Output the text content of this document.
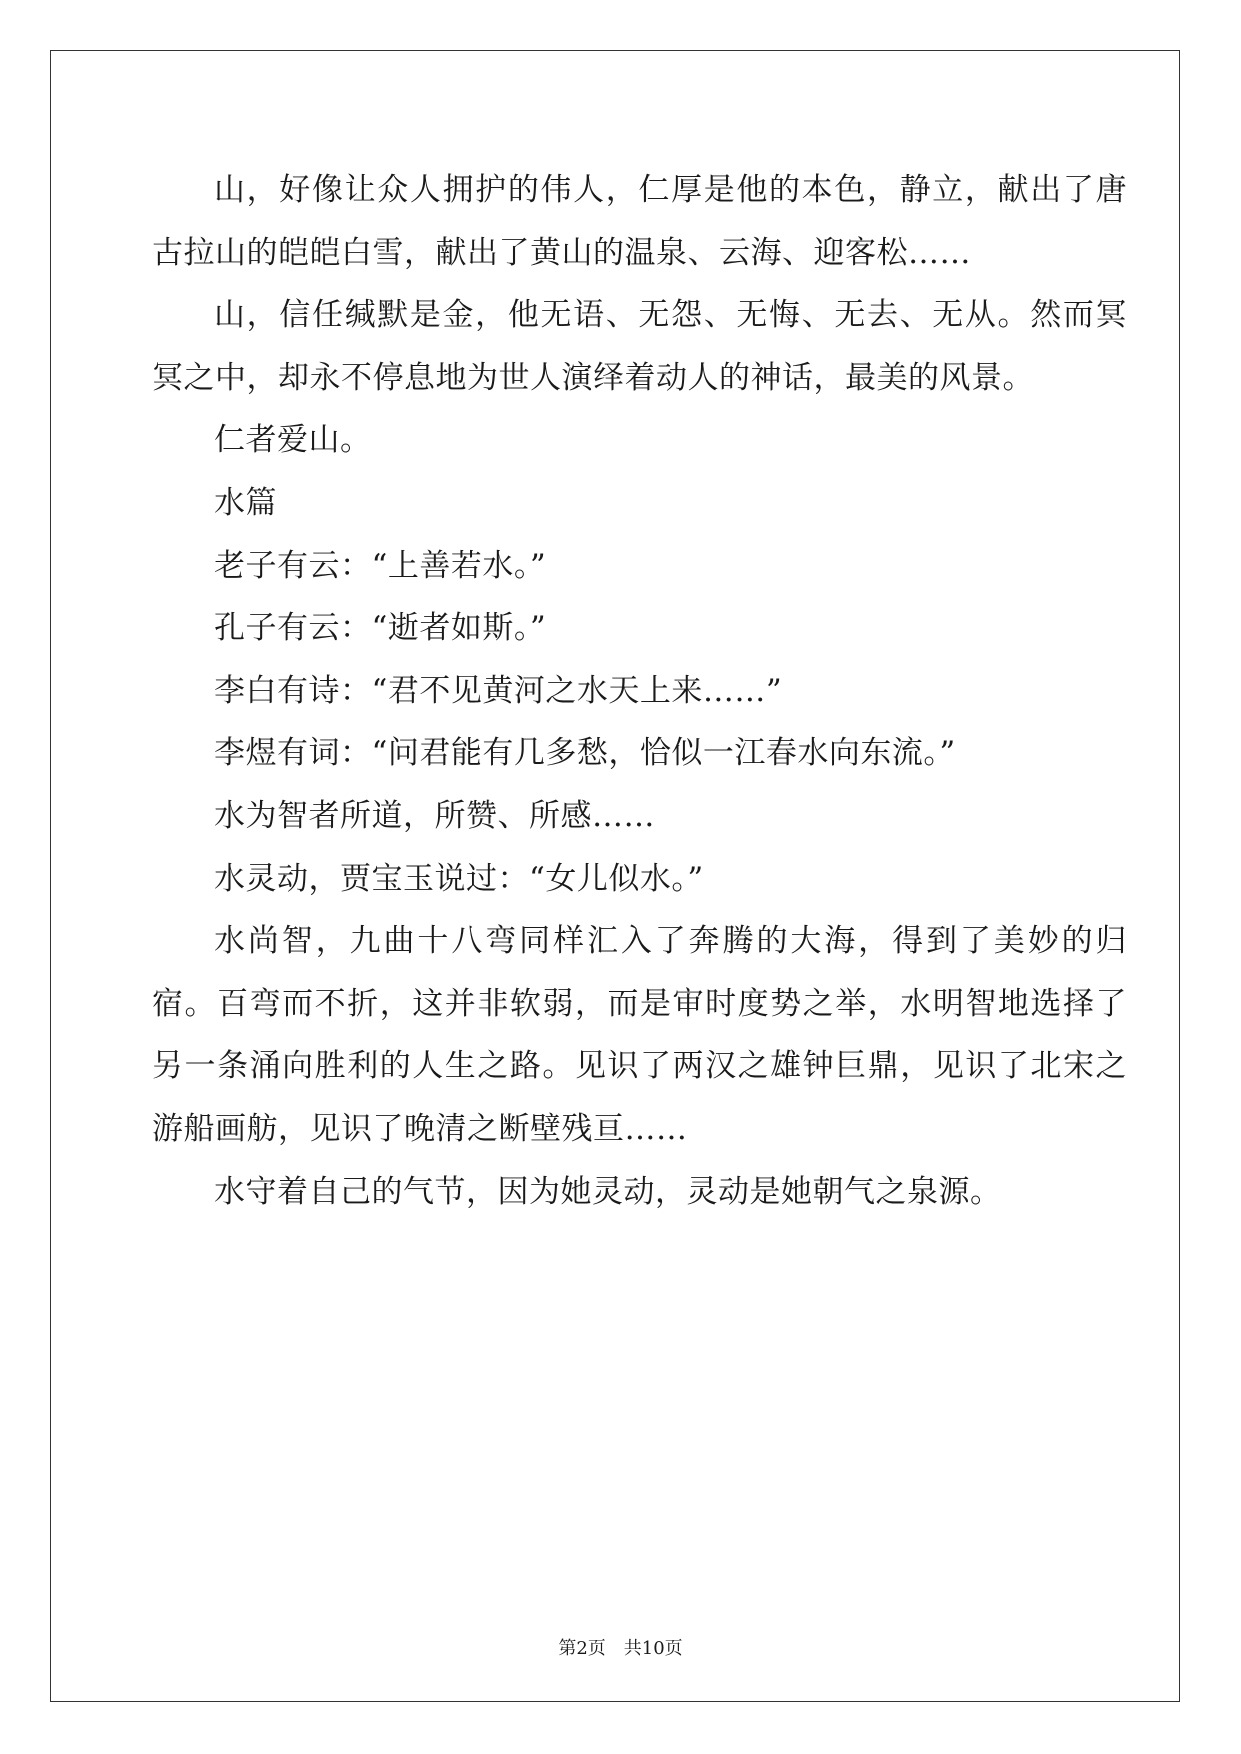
山，好像让众人拥护的伟人，仁厚是他的本色，静立，献出了唐古拉山的皑皑白雪，献出了黄山的温泉、云海、迎客松……

山，信任缄默是金，他无语、无怨、无悔、无去、无从。然而冥冥之中，却永不停息地为世人演绎着动人的神话，最美的风景。

仁者爱山。

水篇

老子有云：“上善若水。”

孔子有云：“逝者如斯。”

李白有诗：“君不见黄河之水天上来……”

李煜有词：“问君能有几多愁，恰似一江春水向东流。”

水为智者所道，所赞、所感……

水灵动，贾宝玉说过：“女儿似水。”

水尚智，九曲十八弯同样汇入了奔腾的大海，得到了美妙的归宿。百弯而不折，这并非软弱，而是审时度势之举，水明智地选择了另一条涌向胜利的人生之路。见识了两汉之雄钟巨鼎，见识了北宋之游船画舫，见识了晚清之断壁残亘……

水守着自己的气节，因为她灵动，灵动是她朝气之泉源。

第2页 共10页
